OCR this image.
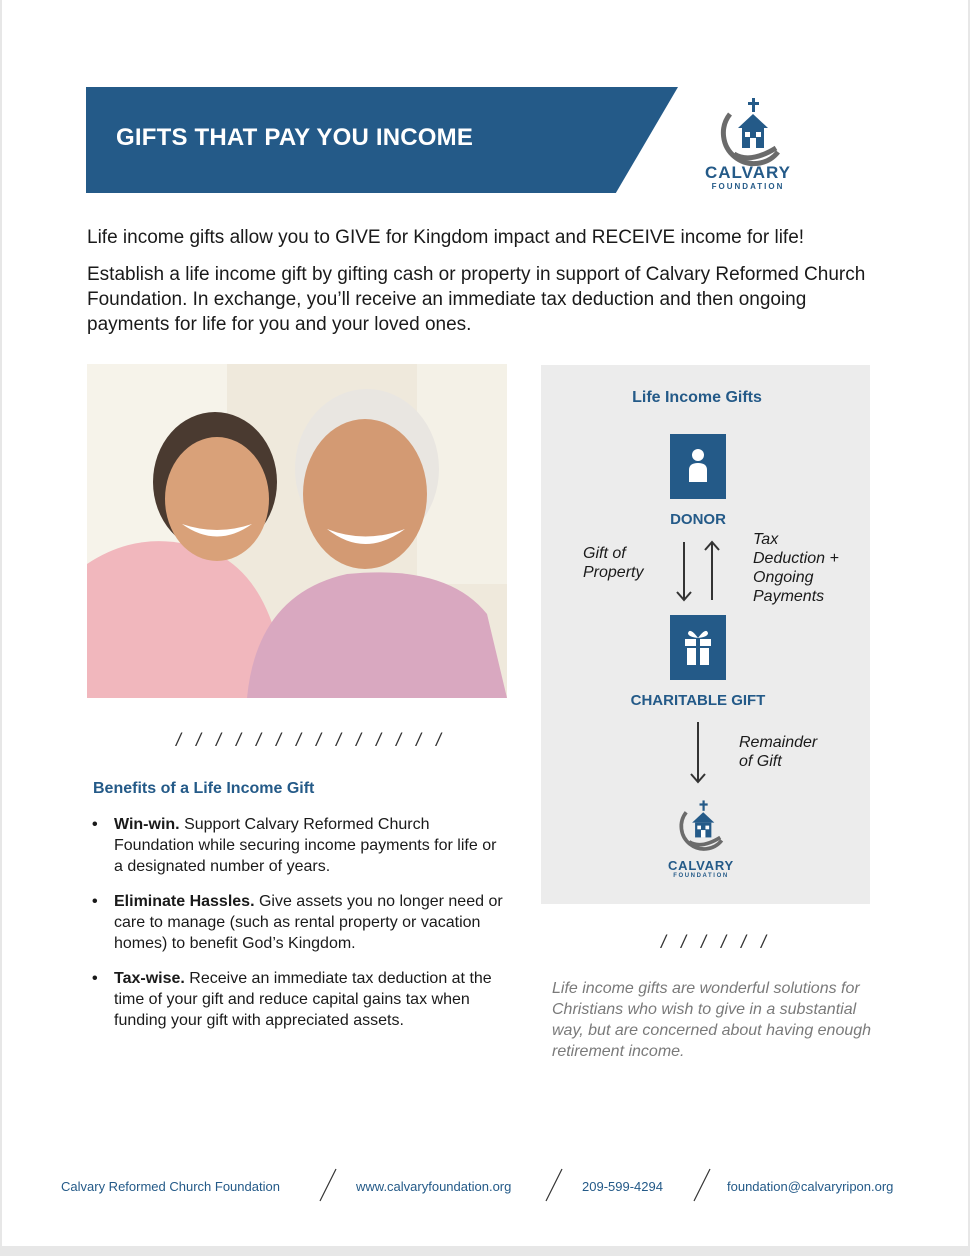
GIFTS THAT PAY YOU INCOME
CALVARY
FOUNDATION
Life income gifts allow you to GIVE for Kingdom impact and RECEIVE income for life!
Establish a life income gift by gifting cash or property in support of Calvary Reformed Church Foundation. In exchange, you’ll receive an immediate tax deduction and then ongoing payments for life for you and your loved ones.
/ / / / / / / / / / / / / /
Benefits of a Life Income Gift
• Win-win. Support Calvary Reformed Church Foundation while securing income payments for life or a designated number of years.
• Eliminate Hassles. Give assets you no longer need or care to manage (such as rental property or vacation homes) to benefit God’s Kingdom.
• Tax-wise. Receive an immediate tax deduction at the time of your gift and reduce capital gains tax when funding your gift with appreciated assets.
Life Income Gifts
DONOR
Gift of Property
Tax Deduction + Ongoing Payments
CHARITABLE GIFT
Remainder of Gift
CALVARY
FOUNDATION
/ / / / / /
Life income gifts are wonderful solutions for Christians who wish to give in a substantial way, but are concerned about having enough retirement income.
Calvary Reformed Church Foundation	www.calvaryfoundation.org	209-599-4294	foundation@calvaryripon.org
